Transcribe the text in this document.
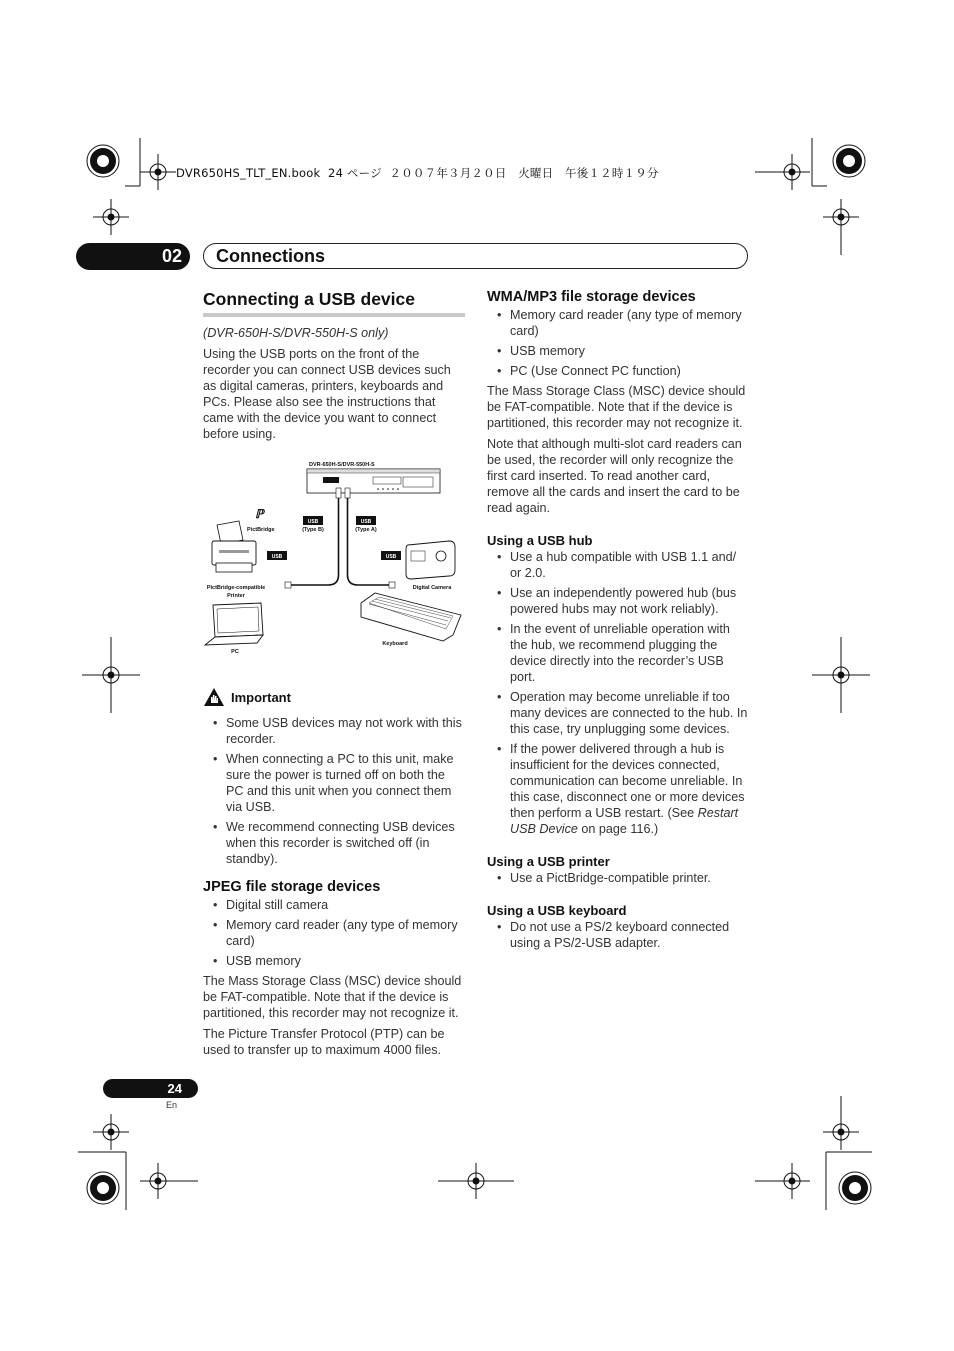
DVR650HS_TLT_EN.book  24 ページ  ２００７年３月２０日　火曜日　午後１２時１９分
02	Connections
Connecting a USB device

(DVR-650H-S/DVR-550H-S only)

Using the USB ports on the front of the recorder you can connect USB devices such as digital cameras, printers, keyboards and PCs. Please also see the instructions that came with the device you want to connect before using.

DVR-650H-S/DVR-550H-S
USB
(Type B)
USB
(Type A)
ℙ
PictBridge
USB
PictBridge-compatible
Printer
USB
Digital Camera
PC
Keyboard
Important
• Some USB devices may not work with this recorder.
• When connecting a PC to this unit, make sure the power is turned off on both the PC and this unit when you connect them via USB.
• We recommend connecting USB devices when this recorder is switched off (in standby).
JPEG file storage devices
• Digital still camera
• Memory card reader (any type of memory card)
• USB memory

The Mass Storage Class (MSC) device should be FAT-compatible. Note that if the device is partitioned, this recorder may not recognize it.

The Picture Transfer Protocol (PTP) can be used to transfer up to maximum 4000 files.

WMA/MP3 file storage devices
• Memory card reader (any type of memory card)
• USB memory
• PC (Use Connect PC function)

The Mass Storage Class (MSC) device should be FAT-compatible. Note that if the device is partitioned, this recorder may not recognize it.

Note that although multi-slot card readers can be used, the recorder will only recognize the first card inserted. To read another card, remove all the cards and insert the card to be read again.

Using a USB hub
• Use a hub compatible with USB 1.1 and/ or 2.0.
• Use an independently powered hub (bus powered hubs may not work reliably).
• In the event of unreliable operation with the hub, we recommend plugging the device directly into the recorder’s USB port.
• Operation may become unreliable if too many devices are connected to the hub. In this case, try unplugging some devices.
• If the power delivered through a hub is insufficient for the devices connected, communication can become unreliable. In this case, disconnect one or more devices then perform a USB restart. (See Restart USB Device on page 116.)
Using a USB printer
• Use a PictBridge-compatible printer.
Using a USB keyboard
• Do not use a PS/2 keyboard connected using a PS/2-USB adapter.
24
En
